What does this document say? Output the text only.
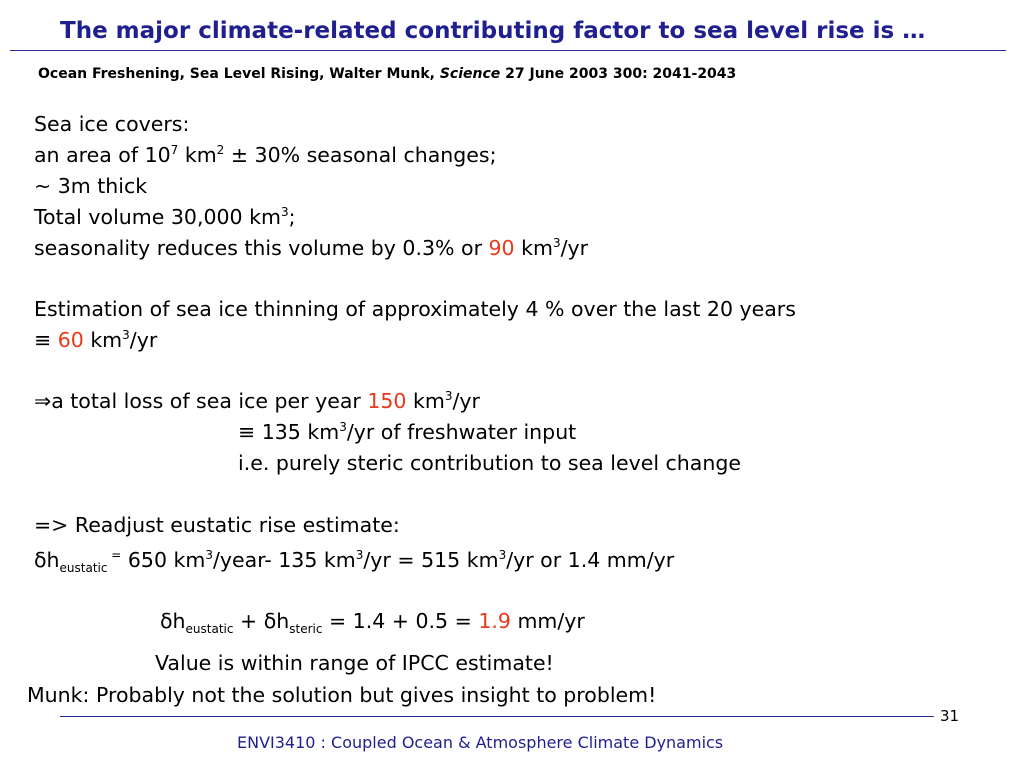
The major climate-related contributing factor to sea level rise is …
Ocean Freshening, Sea Level Rising, Walter Munk, Science 27 June 2003 300: 2041-2043
Sea ice covers:
an area of $10^7$ $km^2 \pm 30\%$ seasonal changes;
~ 3m thick
Total volume 30,000 $km^3$;
seasonality reduces this volume by 0.3% or 90 $km^3/yr$
Estimation of sea ice thinning of approximately 4 % over the last 20 years
≡ 60 $km^3/yr$
⇒a total loss of sea ice per year 150 $km^3/yr$
≡ 135 $km^3/yr$ of freshwater input
i.e. purely steric contribution to sea level change
=> Readjust eustatic rise estimate:
$\delta h_{eustatic}$ = 650 $km^3/year-$ 135 $km^3/yr = 515$ $km^3/yr$ or 1.4 mm/yr
$\delta h_{eustatic} + \delta h_{steric} = 1.4 + 0.5 = 1.9$ mm/yr
Value is within range of IPCC estimate!
Munk: Probably not the solution but gives insight to problem!
31
ENVI3410 : Coupled Ocean & Atmosphere Climate Dynamics
